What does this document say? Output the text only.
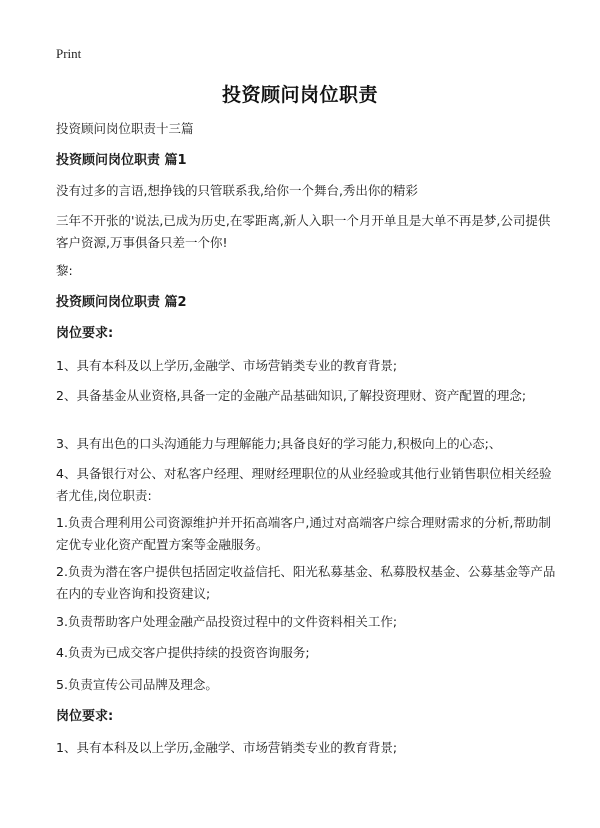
Print
投资顾问岗位职责
投资顾问岗位职责十三篇
投资顾问岗位职责 篇1
没有过多的言语,想挣钱的只管联系我,给你一个舞台,秀出你的精彩
三年不开张的'说法,已成为历史,在零距离,新人入职一个月开单且是大单不再是梦,公司提供客户资源,万事俱备只差一个你!
黎:
投资顾问岗位职责 篇2
岗位要求:
1、具有本科及以上学历,金融学、市场营销类专业的教育背景;
2、具备基金从业资格,具备一定的金融产品基础知识,了解投资理财、资产配置的理念;
3、具有出色的口头沟通能力与理解能力;具备良好的学习能力,积极向上的心态;、
4、具备银行对公、对私客户经理、理财经理职位的从业经验或其他行业销售职位相关经验者尤佳,岗位职责:
1.负责合理利用公司资源维护并开拓高端客户,通过对高端客户综合理财需求的分析,帮助制定优专业化资产配置方案等金融服务。
2.负责为潜在客户提供包括固定收益信托、阳光私募基金、私募股权基金、公募基金等产品在内的专业咨询和投资建议;
3.负责帮助客户处理金融产品投资过程中的文件资料相关工作;
4.负责为已成交客户提供持续的投资咨询服务;
5.负责宣传公司品牌及理念。
岗位要求:
1、具有本科及以上学历,金融学、市场营销类专业的教育背景;
